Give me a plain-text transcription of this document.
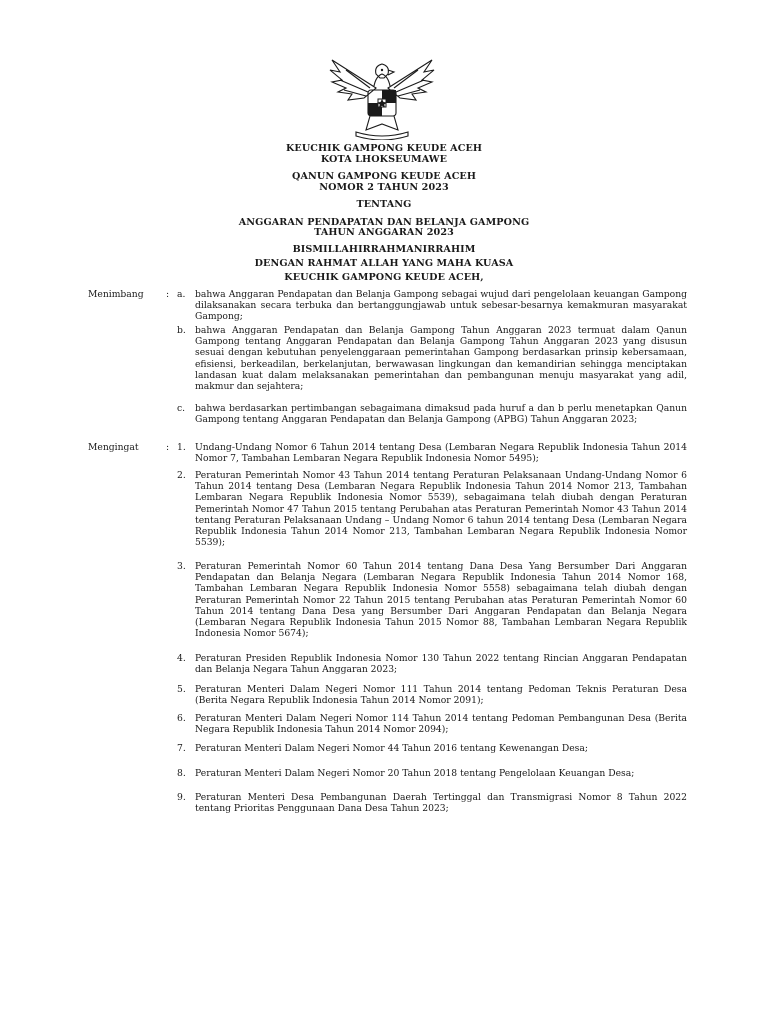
KEUCHIK GAMPONG KEUDE ACEH
KOTA LHOKSEUMAWE
QANUN GAMPONG KEUDE ACEH
NOMOR 2 TAHUN 2023
TENTANG
ANGGARAN PENDAPATAN DAN BELANJA GAMPONG
TAHUN ANGGARAN 2023
BISMILLAHIRRAHMANIRRAHIM
DENGAN RAHMAT ALLAH YANG MAHA KUASA
KEUCHIK GAMPONG KEUDE ACEH,
Menimbang : a.	bahwa Anggaran Pendapatan dan Belanja Gampong sebagai wujud dari pengelolaan keuangan Gampong dilaksanakan secara terbuka dan bertanggungjawab untuk sebesar-besarnya kemakmuran masyarakat Gampong;
b. bahwa Anggaran Pendapatan dan Belanja Gampong Tahun Anggaran 2023 termuat dalam Qanun Gampong tentang Anggaran Pendapatan dan Belanja Gampong Tahun Anggaran 2023 yang disusun sesuai dengan kebutuhan penyelenggaraan pemerintahan Gampong berdasarkan prinsip kebersamaan, efisiensi, berkeadilan, berkelanjutan, berwawasan lingkungan dan kemandirian sehingga menciptakan landasan kuat dalam melaksanakan pemerintahan dan pembangunan menuju masyarakat yang adil, makmur dan sejahtera;
c.	bahwa berdasarkan pertimbangan sebagaimana dimaksud pada huruf a dan b perlu menetapkan Qanun Gampong tentang Anggaran Pendapatan dan Belanja Gampong (APBG) Tahun Anggaran 2023;
Mengingat	: 1.	Undang-Undang Nomor 6 Tahun 2014 tentang Desa (Lembaran Negara Republik Indonesia Tahun 2014 Nomor 7, Tambahan Lembaran Negara Republik Indonesia Nomor 5495);
2.	Peraturan Pemerintah Nomor 43 Tahun 2014 tentang Peraturan Pelaksanaan Undang-Undang Nomor 6 Tahun 2014 tentang Desa (Lembaran Negara Republik Indonesia Tahun 2014 Nomor 213, Tambahan Lembaran Negara Republik Indonesia Nomor 5539), sebagaimana telah diubah dengan Peraturan Pemerintah Nomor 47 Tahun 2015 tentang Perubahan atas Peraturan Pemerintah Nomor 43 Tahun 2014 tentang Peraturan Pelaksanaan Undang – Undang Nomor 6 tahun 2014 tentang Desa (Lembaran Negara Republik Indonesia Tahun 2014 Nomor 213, Tambahan Lembaran Negara Republik Indonesia Nomor 5539);
3.	Peraturan Pemerintah Nomor 60 Tahun 2014 tentang Dana Desa Yang Bersumber Dari Anggaran Pendapatan dan Belanja Negara (Lembaran Negara Republik Indonesia Tahun 2014 Nomor 168, Tambahan Lembaran Negara Republik Indonesia Nomor 5558) sebagaimana telah diubah dengan Peraturan Pemerintah Nomor 22 Tahun 2015 tentang Perubahan atas Peraturan Pemerintah Nomor 60 Tahun 2014 tentang Dana Desa yang Bersumber Dari Anggaran Pendapatan dan Belanja Negara (Lembaran Negara Republik Indonesia Tahun 2015 Nomor 88, Tambahan Lembaran Negara Republik Indonesia Nomor 5674);
4.	Peraturan Presiden Republik Indonesia Nomor 130 Tahun 2022 tentang Rincian Anggaran Pendapatan dan Belanja Negara Tahun Anggaran 2023;
5.	Peraturan Menteri Dalam Negeri Nomor 111 Tahun 2014 tentang Pedoman Teknis Peraturan Desa (Berita Negara Republik Indonesia Tahun 2014 Nomor 2091);
6.	Peraturan Menteri Dalam Negeri Nomor 114 Tahun 2014 tentang Pedoman Pembangunan Desa (Berita Negara Republik Indonesia Tahun 2014 Nomor 2094);
7.	Peraturan Menteri Dalam Negeri Nomor 44 Tahun 2016 tentang Kewenangan Desa;
8.	Peraturan Menteri Dalam Negeri Nomor 20 Tahun 2018 tentang Pengelolaan Keuangan Desa;
9.	Peraturan Menteri Desa Pembangunan Daerah Tertinggal dan Transmigrasi Nomor 8 Tahun 2022 tentang Prioritas Penggunaan Dana Desa Tahun 2023;
